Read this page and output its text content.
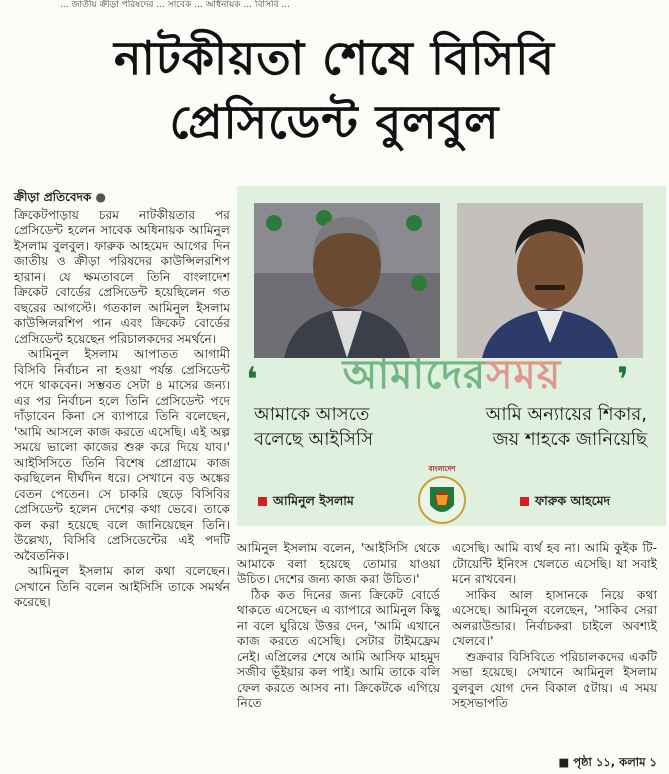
... জাতীয় ক্রীড়া পরিষদের ... সাবেক ... অধিনায়ক ... বিসিবি ...
নাটকীয়তা শেষে বিসিবি
প্রেসিডেন্ট বুলবুল
ক্রীড়া প্রতিবেদক ●

ক্রিকেটপাড়ায় চরম নাটকীয়তার পর প্রেসিডেন্ট হলেন সাবেক অধিনায়ক আমিনুল ইসলাম বুলবুল। ফারুক আহমেদ আগের দিন জাতীয় ও ক্রীড়া পরিষদের কাউন্সিলরশিপ হারান। যে ক্ষমতাবলে তিনি বাংলাদেশ ক্রিকেট বোর্ডের প্রেসিডেন্ট হয়েছিলেন গত বছরের আগস্টে। গতকাল আমিনুল ইসলাম কাউন্সিলরশিপ পান এবং ক্রিকেট বোর্ডের প্রেসিডেন্ট হয়েছেন পরিচালকদের সমর্থনে।

আমিনুল ইসলাম আপাতত আগামী বিসিবি নির্বাচন না হওয়া পর্যন্ত প্রেসিডেন্ট পদে থাকবেন। সম্ভবত সেটা ৪ মাসের জন্য। এর পর নির্বাচন হলে তিনি প্রেসিডেন্ট পদে দাঁড়াবেন কিনা সে ব্যাপারে তিনি বলেছেন, 'আমি আসলে কাজ করতে এসেছি। এই অল্প সময়ে ভালো কাজের শুরু করে দিয়ে যাব।' আইসিসিতে তিনি বিশেষ প্রোগ্রামে কাজ করছিলেন দীর্ঘদিন ধরে। সেখানে বড় অঙ্কের বেতন পেতেন। সে চাকরি ছেড়ে বিসিবির প্রেসিডেন্ট হলেন দেশের কথা ভেবে। তাকে কল করা হয়েছে বলে জানিয়েছেন তিনি। উল্লেখ্য, বিসিবি প্রেসিডেন্টের এই পদটি অবৈতনিক।

আমিনুল ইসলাম কাল কথা বলেছেন। সেখানে তিনি বলেন আইসিসি তাকে সমর্থন করেছে।

আমাদেরসময়
❛
আমাকে আসতে বলেছে আইসিসি
আমিনুল ইসলাম
❜
আমি অন্যায়ের শিকার, জয় শাহকে জানিয়েছি
ফারুক আহমেদ
বাংলাদেশ

আমিনুল ইসলাম বলেন, 'আইসিসি থেকে আমাকে বলা হয়েছে তোমার যাওয়া উচিত। দেশের জন্য কাজ করা উচিত।'

ঠিক কত দিনের জন্য ক্রিকেট বোর্ডে থাকতে এসেছেন এ ব্যাপারে আমিনুল কিছু না বলে ঘুরিয়ে উত্তর দেন, 'আমি এখানে কাজ করতে এসেছি। সেটার টাইমফ্রেম নেই। এপ্রিলের শেষে আমি আসিফ মাহমুদ সজীব ভূঁইয়ার কল পাই। আমি তাকে বলি ফেল করতে আসব না। ক্রিকেটকে এগিয়ে নিতে

এসেছি। আমি ব্যর্থ হব না। আমি কুইক টি-টোয়েন্টি ইনিংস খেলতে এসেছি। যা সবাই মনে রাখবেন।

সাকিব আল হাসানকে নিয়ে কথা এসেছে। আমিনুল বলেছেন, 'সাকিব সেরা অলরাউন্ডার। নির্বাচকরা চাইলে অবশ্যই খেলবে।'

শুক্রবার বিসিবিতে পরিচালকদের একটি সভা হয়েছে। সেখানে আমিনুল ইসলাম বুলবুল যোগ দেন বিকাল ৫টায়। এ সময় সহসভাপতি

■ পৃষ্ঠা ১১, কলাম ১
